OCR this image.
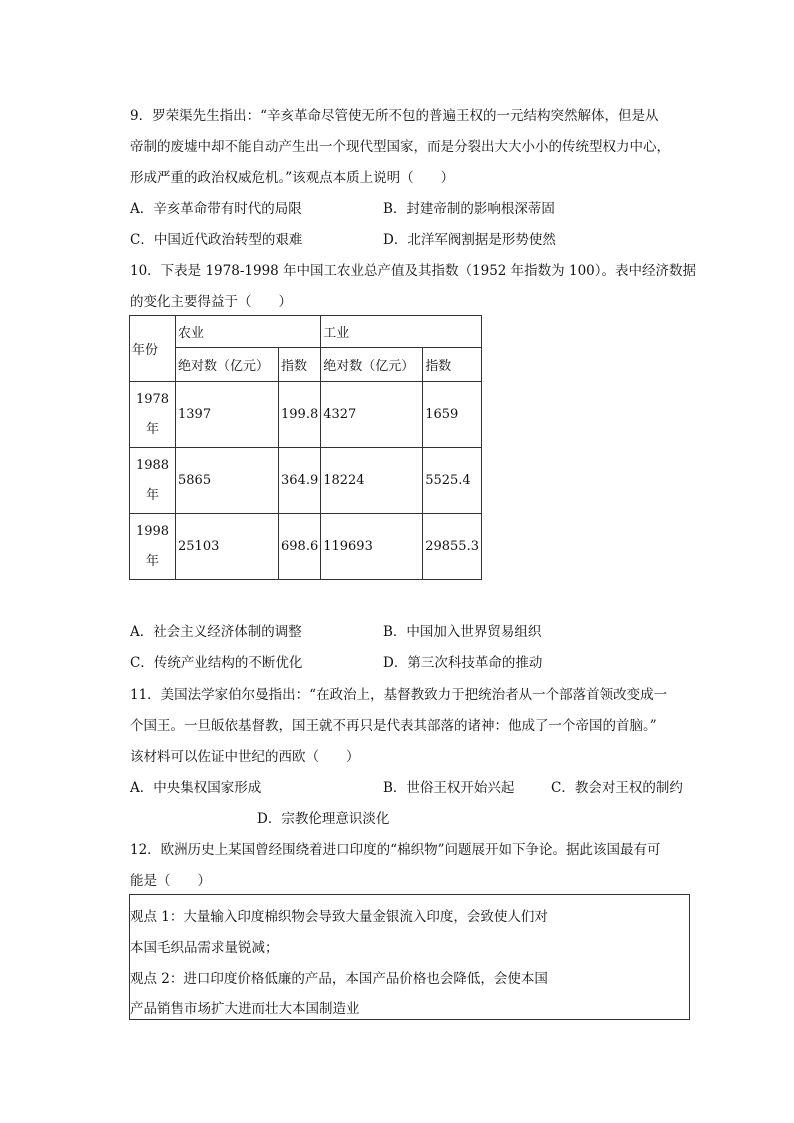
9．罗荣渠先生指出：“辛亥革命尽管使无所不包的普遍王权的一元结构突然解体，但是从
帝制的废墟中却不能自动产生出一个现代型国家，而是分裂出大大小小的传统型权力中心，
形成严重的政治权威危机。”该观点本质上说明（　　）
A．辛亥革命带有时代的局限	B．封建帝制的影响根深蒂固
C．中国近代政治转型的艰难	D．北洋军阀割据是形势使然
10．下表是 1978-1998 年中国工农业总产值及其指数（1952 年指数为 100）。表中经济数据
的变化主要得益于（　　）
年份	农业		工业	
	绝对数（亿元）	指数	绝对数（亿元）	指数

1978
年	1397	199.8	4327	1659

1988
年	5865	364.9	18224	5525.4

1998
年	25103	698.6	119693	29855.3
A．社会主义经济体制的调整	B．中国加入世界贸易组织
C．传统产业结构的不断优化	D．第三次科技革命的推动
11．美国法学家伯尔曼指出：“在政治上，基督教致力于把统治者从一个部落首领改变成一
个国王。一旦皈依基督教，国王就不再只是代表其部落的诸神：他成了一个帝国的首脑。”
该材料可以佐证中世纪的西欧（　　）
A．中央集权国家形成	B．世俗王权开始兴起	C．教会对王权的制约
D．宗教伦理意识淡化
12．欧洲历史上某国曾经围绕着进口印度的“棉织物”问题展开如下争论。据此该国最有可
能是（　　）
观点 1：大量输入印度棉织物会导致大量金银流入印度，会致使人们对
本国毛织品需求量锐减；
观点 2：进口印度价格低廉的产品，本国产品价格也会降低，会使本国
产品销售市场扩大进而壮大本国制造业
